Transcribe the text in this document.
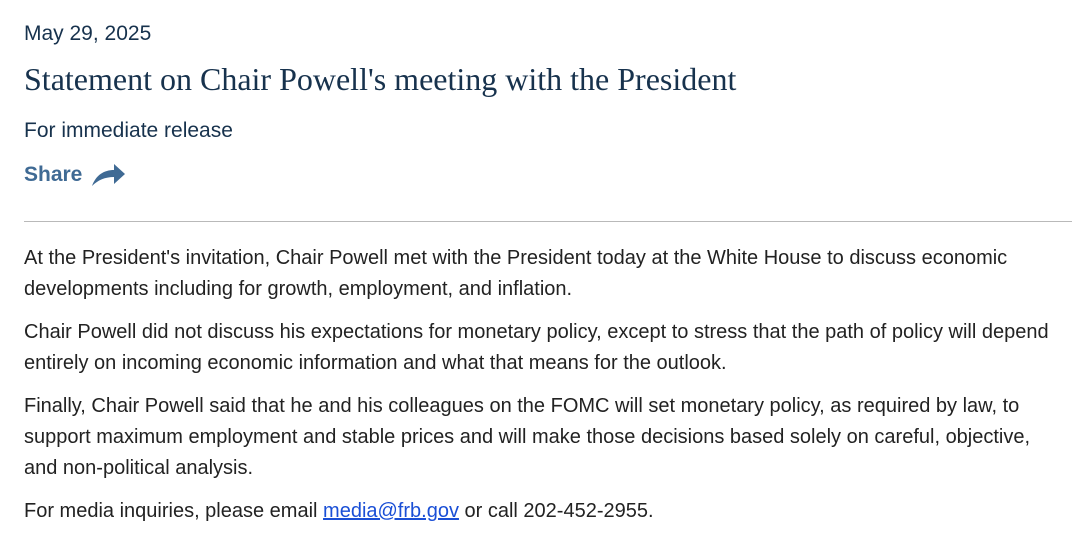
May 29, 2025
Statement on Chair Powell's meeting with the President
For immediate release
Share

At the President's invitation, Chair Powell met with the President today at the White House to discuss economic developments including for growth, employment, and inflation.

Chair Powell did not discuss his expectations for monetary policy, except to stress that the path of policy will depend entirely on incoming economic information and what that means for the outlook.

Finally, Chair Powell said that he and his colleagues on the FOMC will set monetary policy, as required by law, to support maximum employment and stable prices and will make those decisions based solely on careful, objective, and non-political analysis.

For media inquiries, please email media@frb.gov or call 202-452-2955.
